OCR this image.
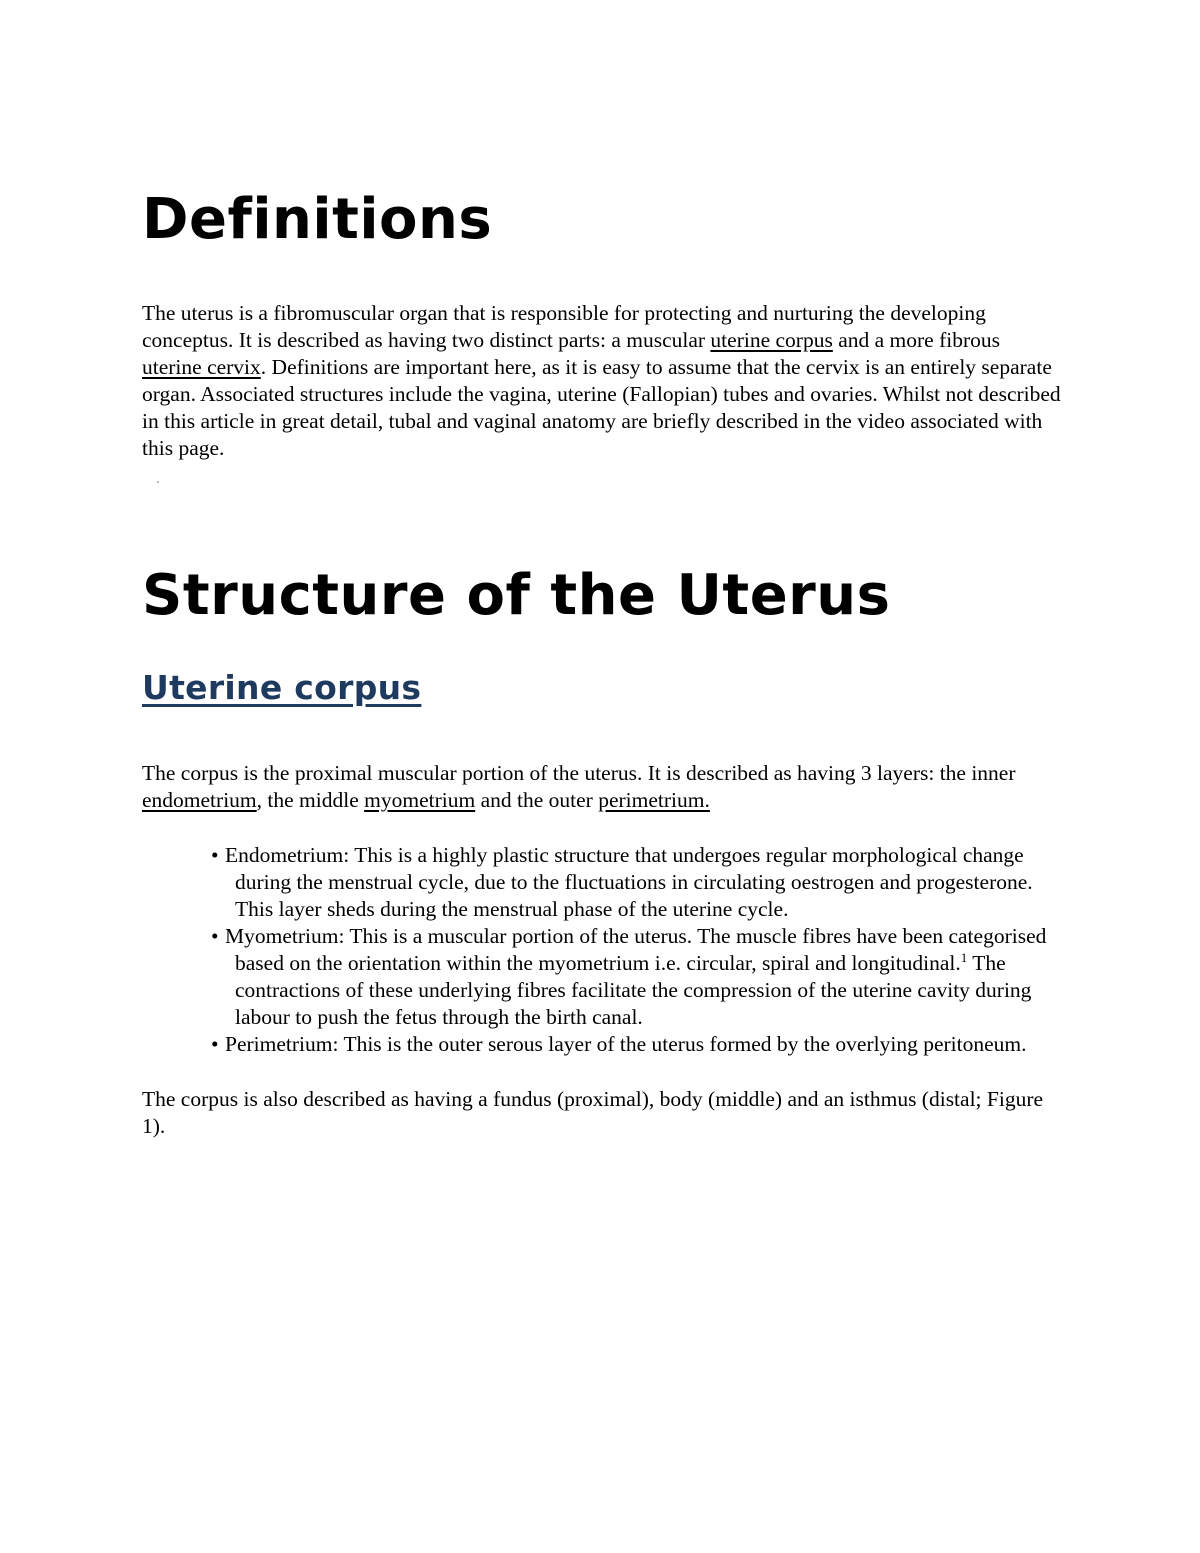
Definitions

The uterus is a fibromuscular organ that is responsible for protecting and nurturing the developing conceptus. It is described as having two distinct parts: a muscular uterine corpus and a more fibrous uterine cervix. Definitions are important here, as it is easy to assume that the cervix is an entirely separate organ. Associated structures include the vagina, uterine (Fallopian) tubes and ovaries. Whilst not described in this article in great detail, tubal and vaginal anatomy are briefly described in the video associated with this page.

Structure of the Uterus
Uterine corpus

The corpus is the proximal muscular portion of the uterus. It is described as having 3 layers: the inner endometrium, the middle myometrium and the outer perimetrium.

• Endometrium: This is a highly plastic structure that undergoes regular morphological change during the menstrual cycle, due to the fluctuations in circulating oestrogen and progesterone. This layer sheds during the menstrual phase of the uterine cycle.
• Myometrium: This is a muscular portion of the uterus. The muscle fibres have been categorised based on the orientation within the myometrium i.e. circular, spiral and longitudinal.$^1$ The contractions of these underlying fibres facilitate the compression of the uterine cavity during labour to push the fetus through the birth canal.
• Perimetrium: This is the outer serous layer of the uterus formed by the overlying peritoneum.

The corpus is also described as having a fundus (proximal), body (middle) and an isthmus (distal; Figure 1).
